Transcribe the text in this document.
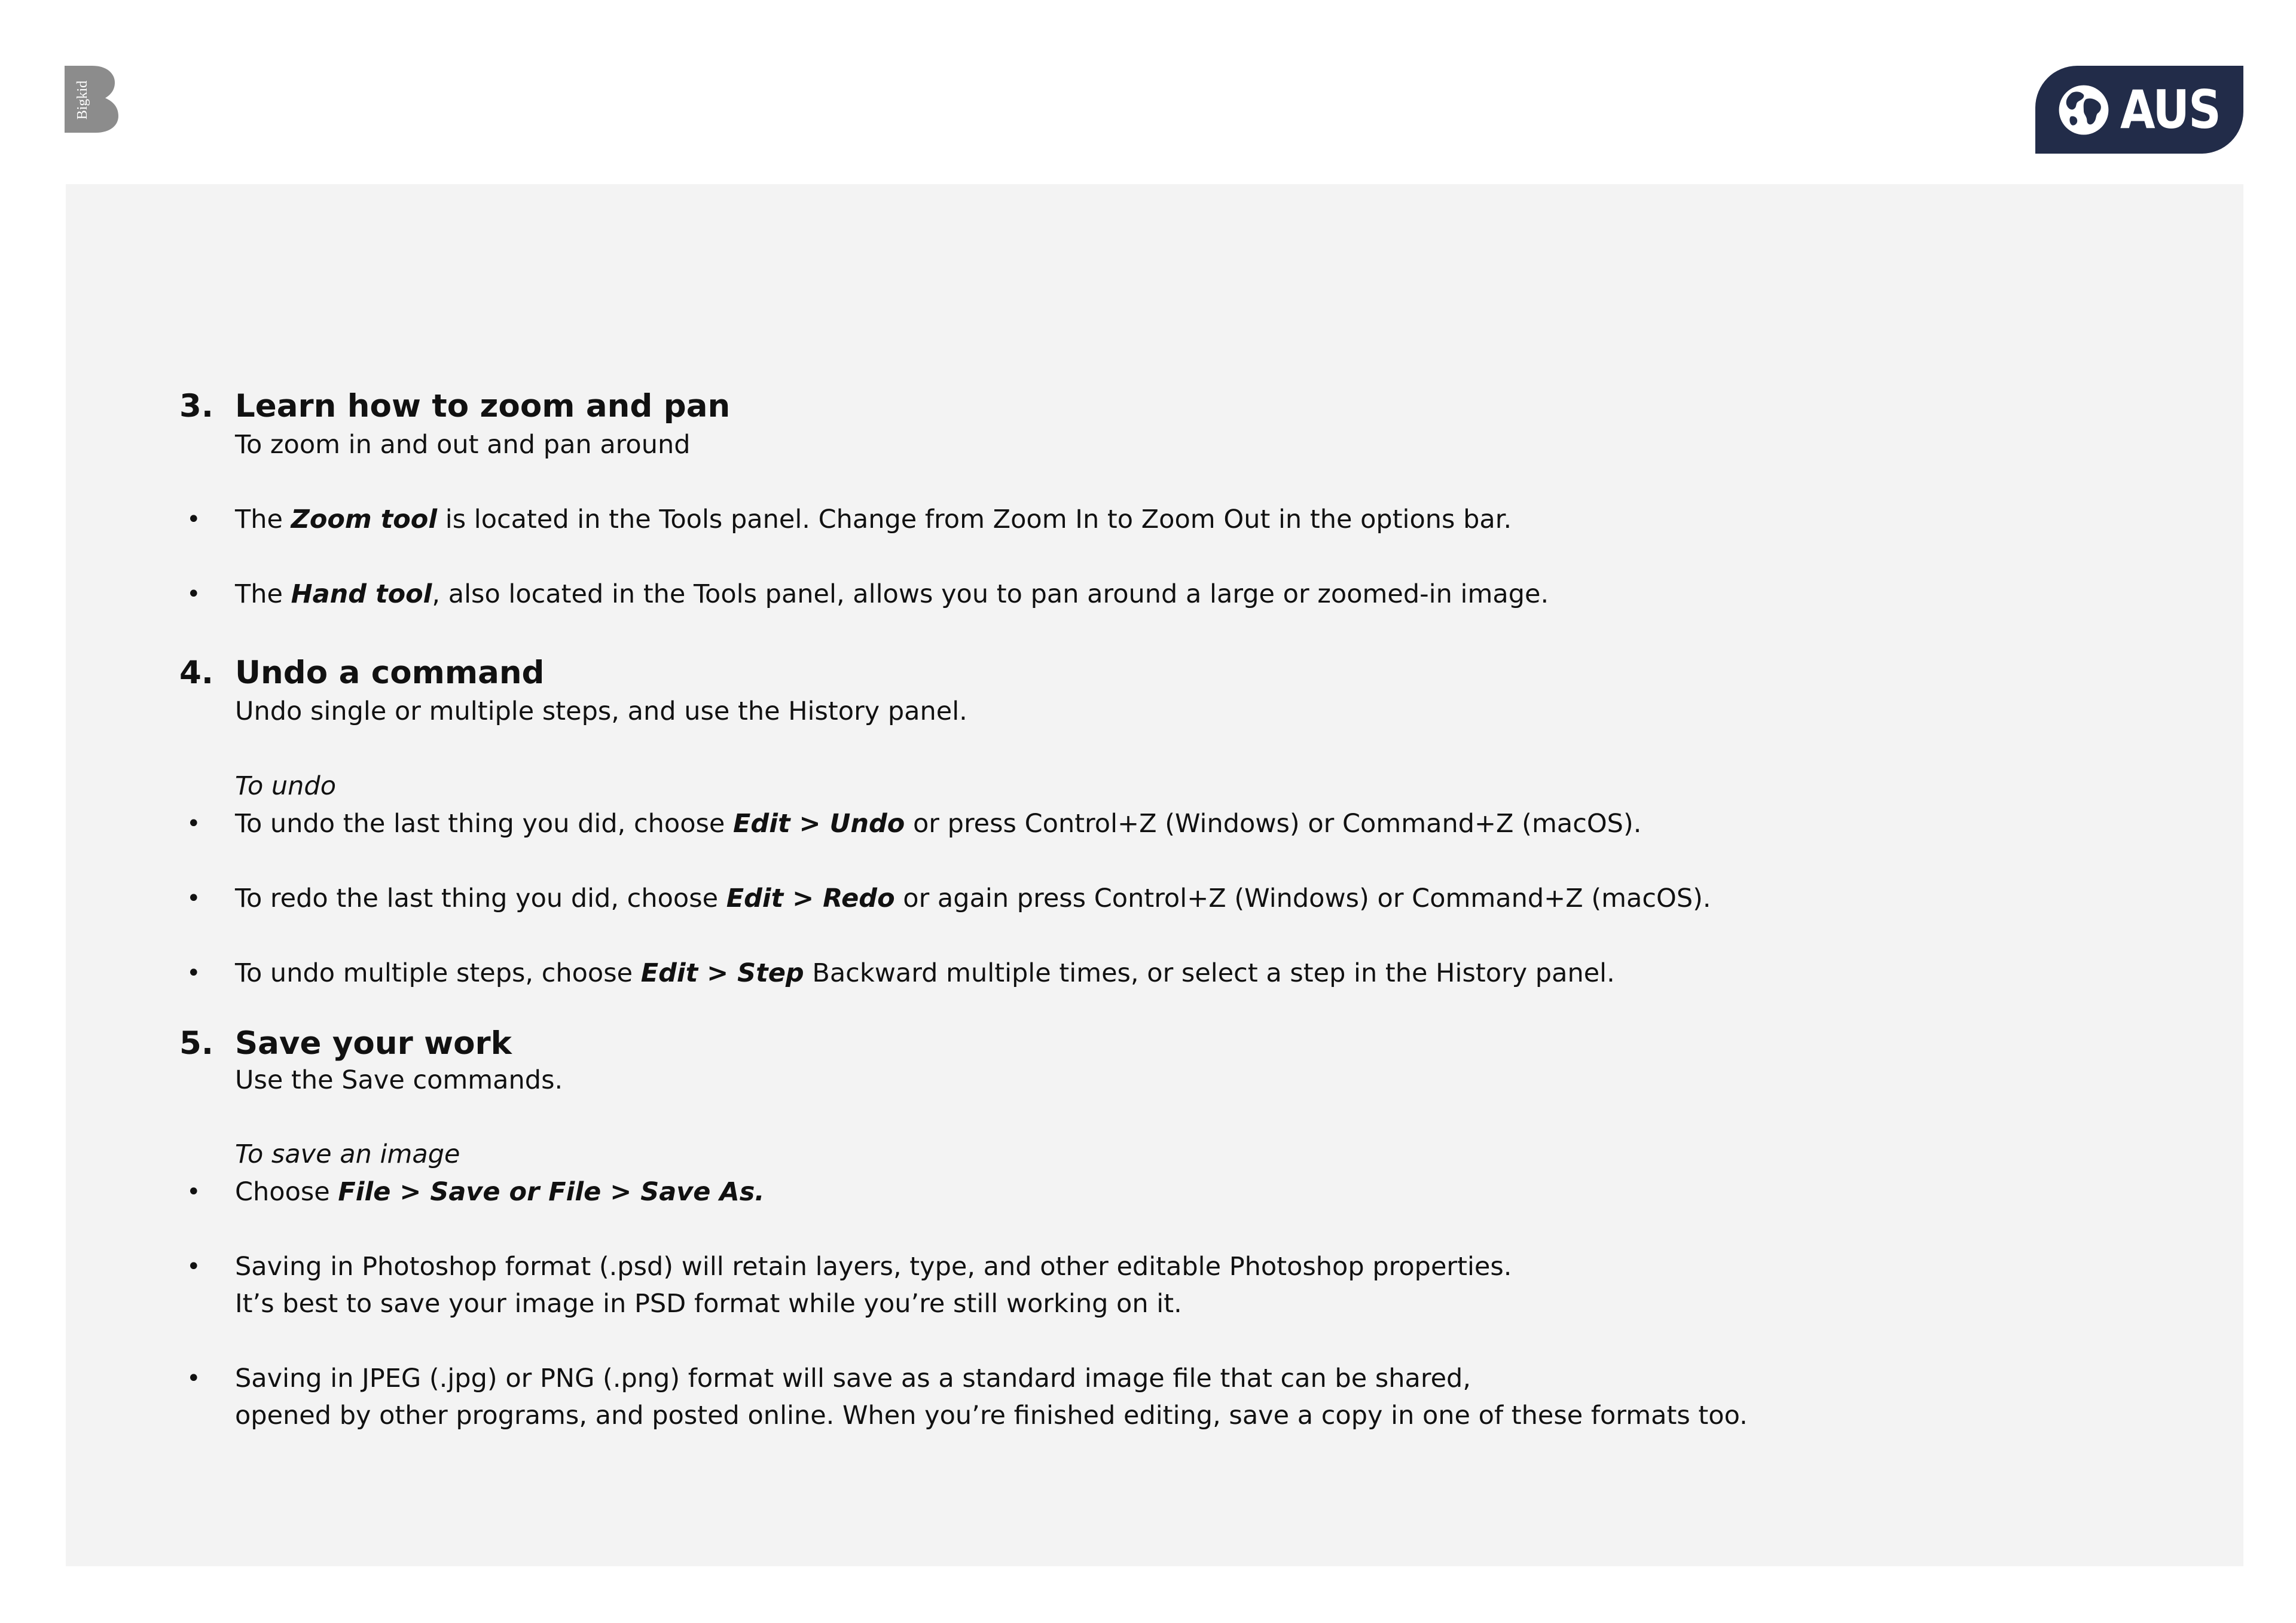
Bigkid	AUS
3. Learn how to zoom and pan
To zoom in and out and pan around
• The Zoom tool is located in the Tools panel. Change from Zoom In to Zoom Out in the options bar.
• The Hand tool, also located in the Tools panel, allows you to pan around a large or zoomed-in image.
4. Undo a command
Undo single or multiple steps, and use the History panel.
To undo
• To undo the last thing you did, choose Edit > Undo or press Control+Z (Windows) or Command+Z (macOS).
• To redo the last thing you did, choose Edit > Redo or again press Control+Z (Windows) or Command+Z (macOS).
• To undo multiple steps, choose Edit > Step Backward multiple times, or select a step in the History panel.
5. Save your work
Use the Save commands.
To save an image
• Choose File > Save or File > Save As.
• Saving in Photoshop format (.psd) will retain layers, type, and other editable Photoshop properties.
It’s best to save your image in PSD format while you’re still working on it.
• Saving in JPEG (.jpg) or PNG (.png) format will save as a standard image file that can be shared,
opened by other programs, and posted online. When you’re finished editing, save a copy in one of these formats too.
